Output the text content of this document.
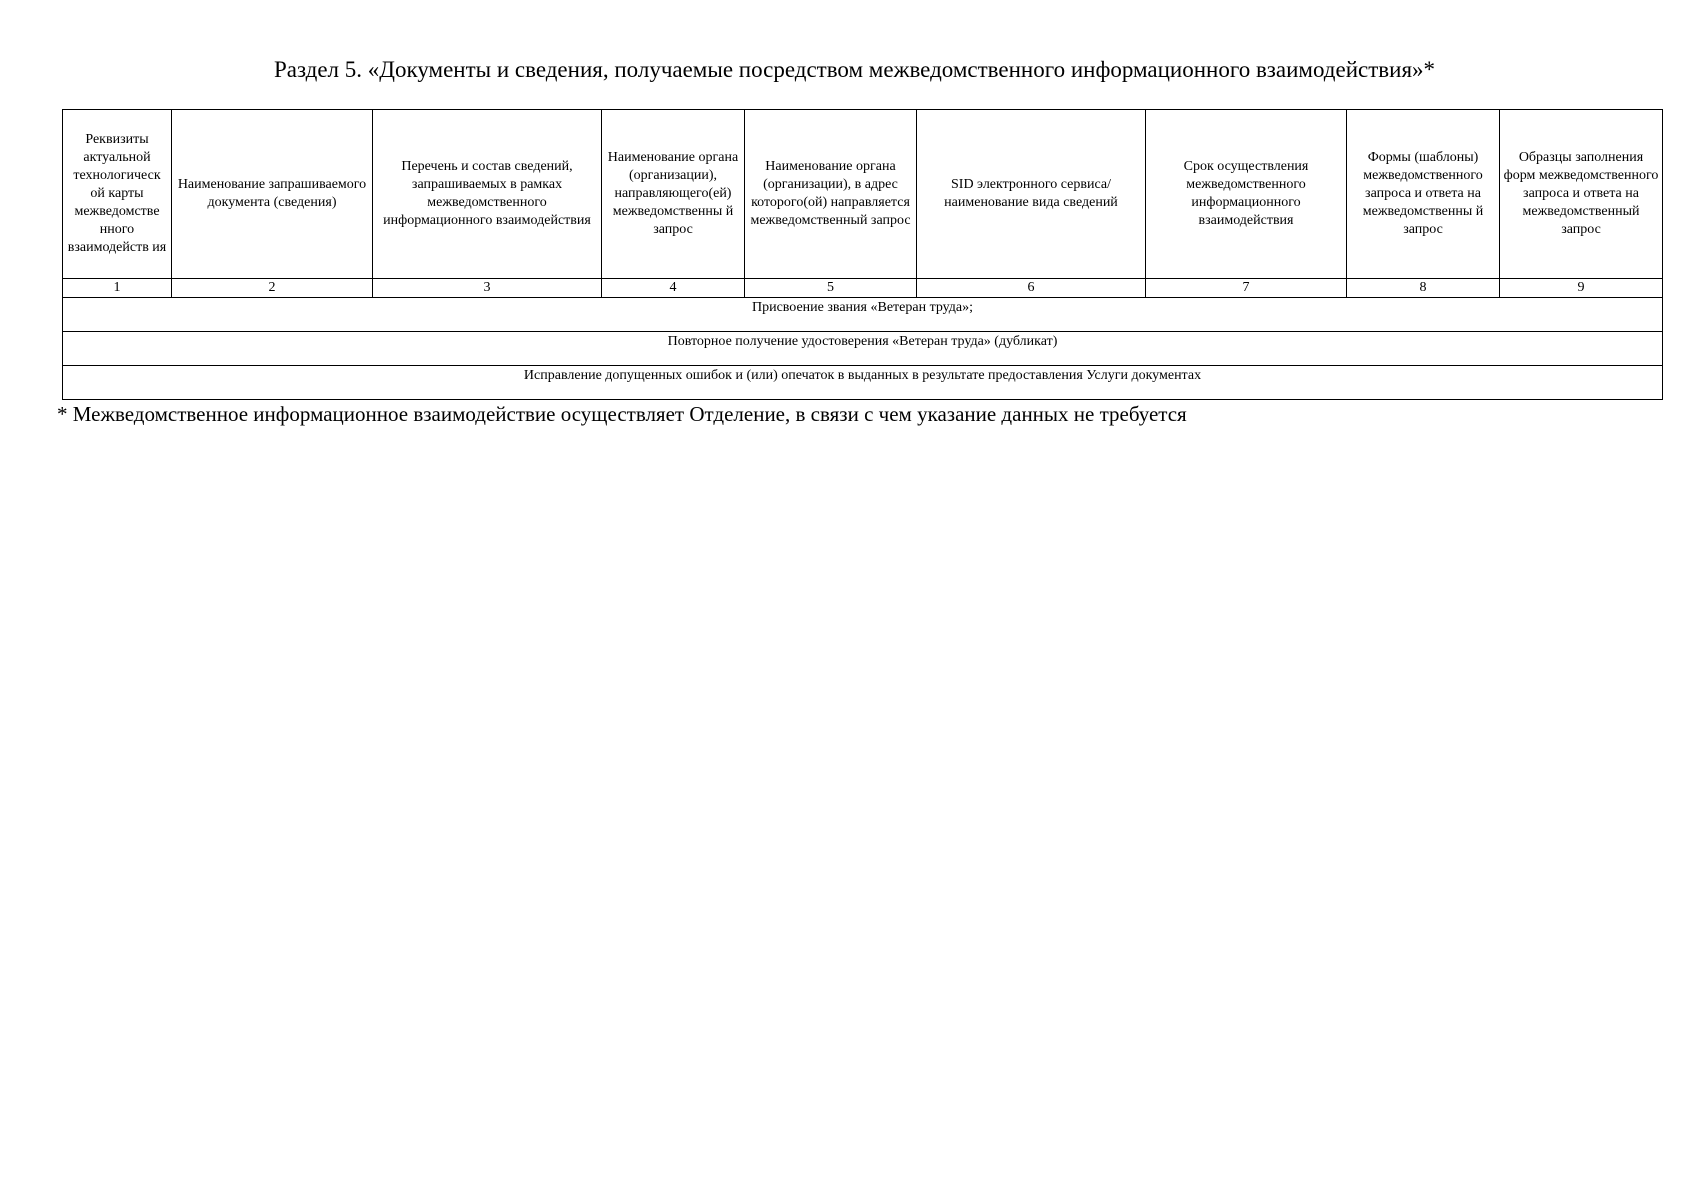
Раздел 5. «Документы и сведения, получаемые посредством межведомственного информационного взаимодействия»*
Реквизиты актуальной технологическ ой карты межведомстве нного взаимодейств ия	Наименование запрашиваемого документа (сведения)	Перечень и состав сведений, запрашиваемых в рамках межведомственного информационного взаимодействия	Наименование органа (организации), направляющего(ей) межведомственны й запрос	Наименование органа (организации), в адрес которого(ой) направляется межведомственный запрос	SID электронного сервиса/ наименование вида сведений	Срок осуществления межведомственного информационного взаимодействия	Формы (шаблоны) межведомственного запроса и ответа на межведомственны й запрос	Образцы заполнения форм межведомственного запроса и ответа на межведомственный запрос
1	2	3	4	5	6	7	8	9
Присвоение звания «Ветеран труда»;								
Повторное получение удостоверения «Ветеран труда» (дубликат)								
Исправление допущенных ошибок и (или) опечаток в выданных в результате предоставления Услуги документах								
* Межведомственное информационное взаимодействие осуществляет Отделение, в связи с чем указание данных не требуется
